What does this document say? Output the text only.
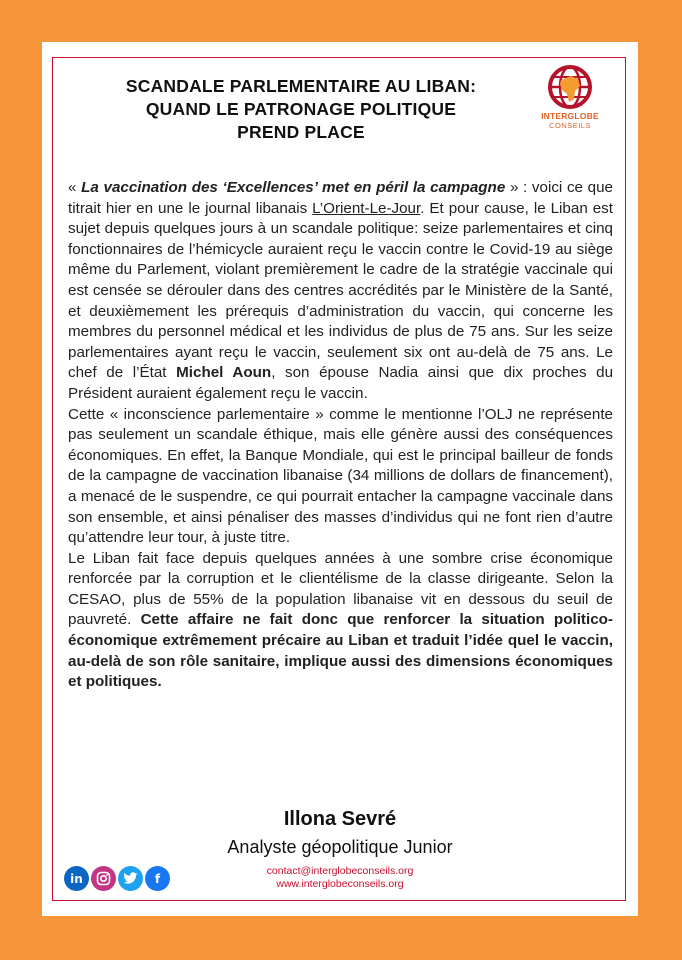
SCANDALE PARLEMENTAIRE AU LIBAN:
QUAND LE PATRONAGE POLITIQUE
PREND PLACE
INTERGLOBE
CONSEILS

« La vaccination des ‘Excellences’ met en péril la campagne » : voici ce que titrait hier en une le journal libanais L’Orient-Le-Jour. Et pour cause, le Liban est sujet depuis quelques jours à un scandale politique: seize parlementaires et cinq fonctionnaires de l’hémicycle auraient reçu le vaccin contre le Covid-19 au siège même du Parlement, violant premièrement le cadre de la stratégie vaccinale qui est censée se dérouler dans des centres accrédités par le Ministère de la Santé, et deuxièmement les prérequis d’administration du vaccin, qui concerne les membres du personnel médical et les individus de plus de 75 ans. Sur les seize parlementaires ayant reçu le vaccin, seulement six ont au-delà de 75 ans. Le chef de l’État Michel Aoun, son épouse Nadia ainsi que dix proches du Président auraient également reçu le vaccin.

Cette « inconscience parlementaire » comme le mentionne l’OLJ ne représente pas seulement un scandale éthique, mais elle génère aussi des conséquences économiques. En effet, la Banque Mondiale, qui est le principal bailleur de fonds de la campagne de vaccination libanaise (34 millions de dollars de financement), a menacé de le suspendre, ce qui pourrait entacher la campagne vaccinale dans son ensemble, et ainsi pénaliser des masses d’individus qui ne font rien d’autre qu’attendre leur tour, à juste titre.

Le Liban fait face depuis quelques années à une sombre crise économique renforcée par la corruption et le clientélisme de la classe dirigeante. Selon la CESAO, plus de 55% de la population libanaise vit en dessous du seuil de pauvreté. Cette affaire ne fait donc que renforcer la situation politico-économique extrêmement précaire au Liban et traduit l’idée quel le vaccin, au-delà de son rôle sanitaire, implique aussi des dimensions économiques et politiques.

Illona Sevré
Analyste géopolitique Junior
in	f
contact@interglobeconseils.org
www.interglobeconseils.org
